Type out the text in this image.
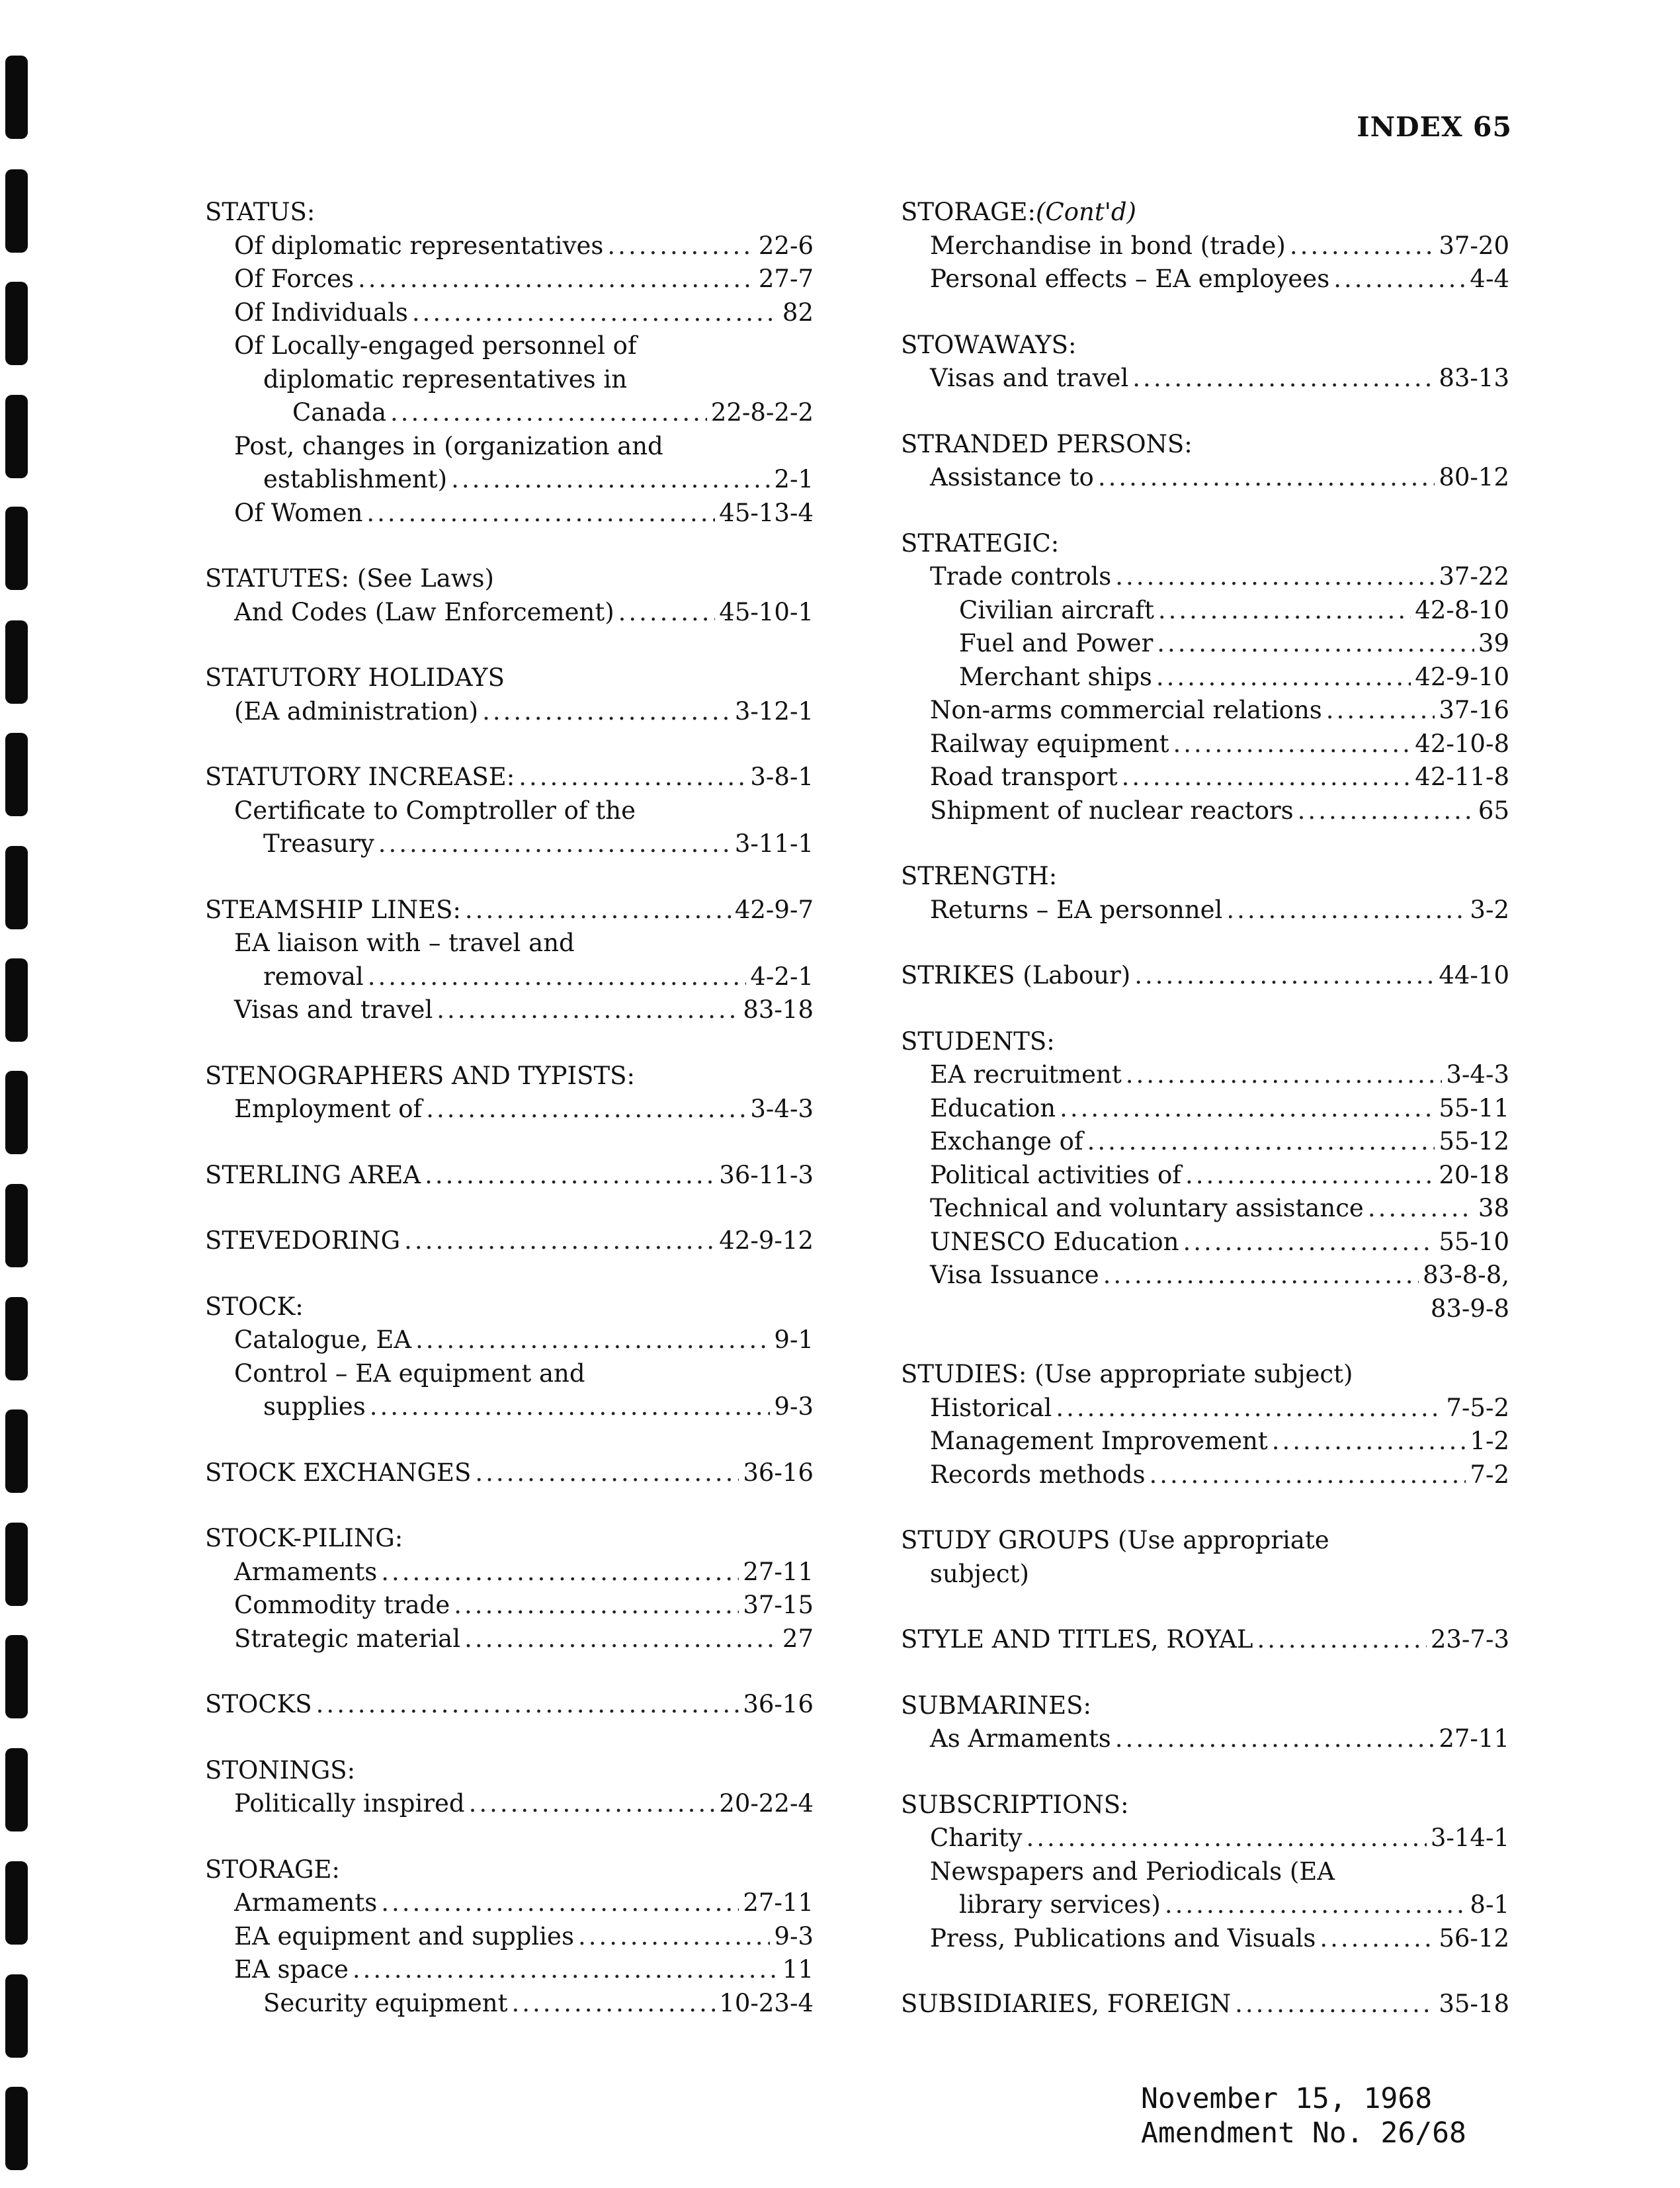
INDEX 65
STATUS:
Of diplomatic representatives .....	22-6
Of Forces .....	27-7
Of Individuals .....	82
Of Locally-engaged personnel of
diplomatic representatives in
Canada .....	22-8-2-2
Post, changes in (organization and
establishment) .....	2-1
Of Women .....	45-13-4
STATUTES: (See Laws)
And Codes (Law Enforcement) .....	45-10-1
STATUTORY HOLIDAYS
(EA administration) .....	3-12-1
STATUTORY INCREASE: .....	3-8-1
Certificate to Comptroller of the
Treasury .....	3-11-1
STEAMSHIP LINES: .....	42-9-7
EA liaison with – travel and
removal .....	4-2-1
Visas and travel .....	83-18
STENOGRAPHERS AND TYPISTS:
Employment of .....	3-4-3
STERLING AREA .....	36-11-3
STEVEDORING .....	42-9-12
STOCK:
Catalogue, EA .....	9-1
Control – EA equipment and
supplies .....	9-3
STOCK EXCHANGES .....	36-16
STOCK-PILING:
Armaments .....	27-11
Commodity trade .....	37-15
Strategic material .....	27
STOCKS .....	36-16
STONINGS:
Politically inspired .....	20-22-4
STORAGE:
Armaments .....	27-11
EA equipment and supplies .....	9-3
EA space .....	11
Security equipment .....	10-23-4
STORAGE: (Cont'd)
Merchandise in bond (trade) .....	37-20
Personal effects – EA employees .....	4-4
STOWAWAYS:
Visas and travel .....	83-13
STRANDED PERSONS:
Assistance to .....	80-12
STRATEGIC:
Trade controls .....	37-22
Civilian aircraft .....	42-8-10
Fuel and Power .....	39
Merchant ships .....	42-9-10
Non-arms commercial relations .....	37-16
Railway equipment .....	42-10-8
Road transport .....	42-11-8
Shipment of nuclear reactors .....	65
STRENGTH:
Returns – EA personnel .....	3-2
STRIKES (Labour) .....	44-10
STUDENTS:
EA recruitment .....	3-4-3
Education .....	55-11
Exchange of .....	55-12
Political activities of .....	20-18
Technical and voluntary assistance .....	38
UNESCO Education .....	55-10
Visa Issuance .....	83-8-8,
83-9-8
STUDIES: (Use appropriate subject)
Historical .....	7-5-2
Management Improvement .....	1-2
Records methods .....	7-2
STUDY GROUPS (Use appropriate
subject)
STYLE AND TITLES, ROYAL .....	23-7-3
SUBMARINES:
As Armaments .....	27-11
SUBSCRIPTIONS:
Charity .....	3-14-1
Newspapers and Periodicals (EA
library services) .....	8-1
Press, Publications and Visuals .....	56-12
SUBSIDIARIES, FOREIGN .....	35-18
November 15, 1968
Amendment No. 26/68
